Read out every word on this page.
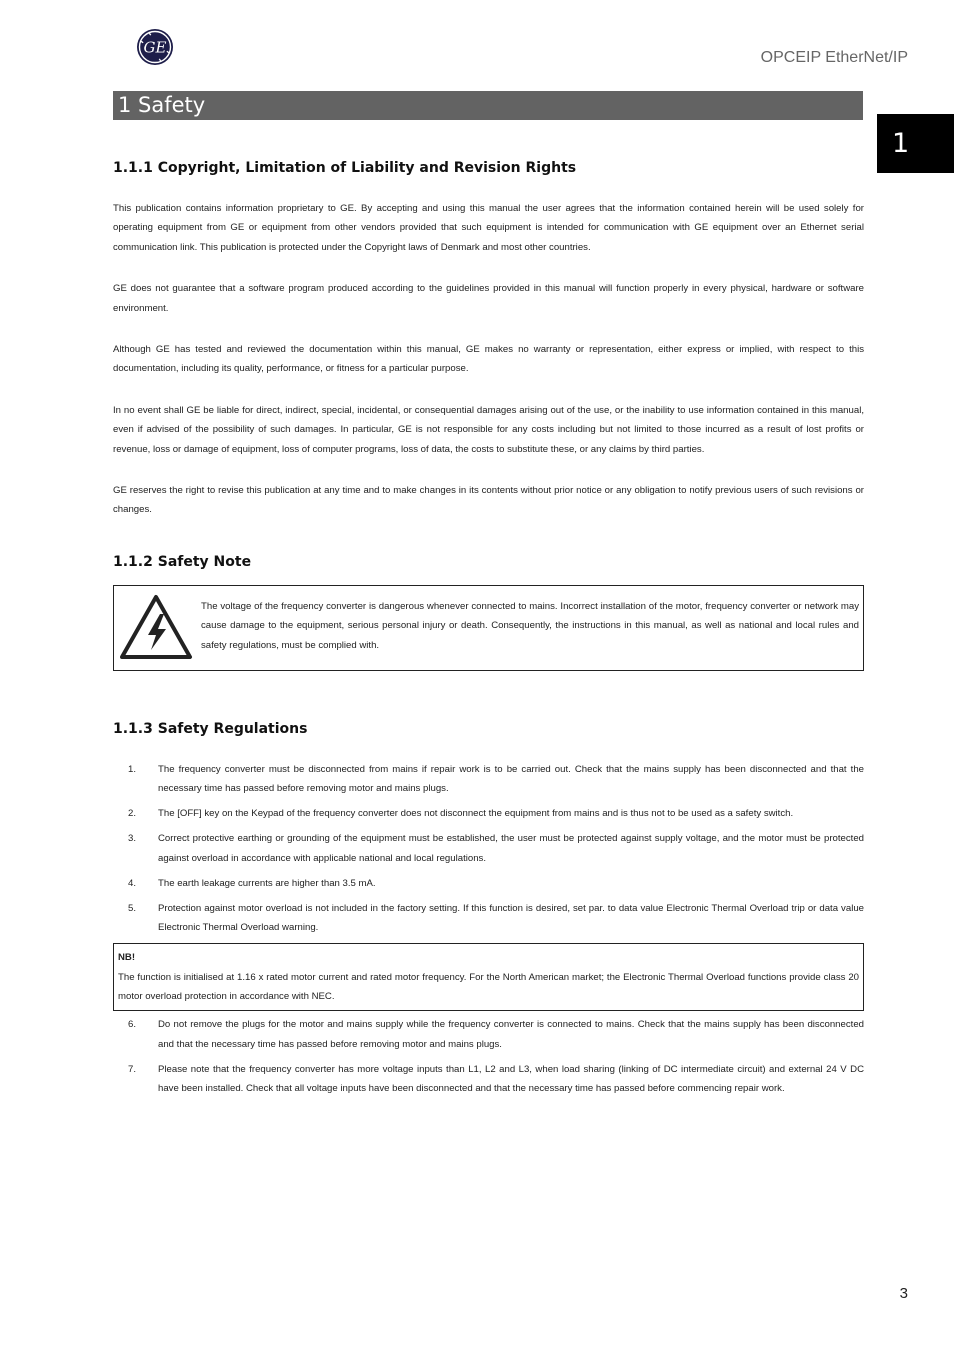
GE
OPCEIP EtherNet/IP
1 Safety
1
1.1.1 Copyright, Limitation of Liability and Revision Rights

This publication contains information proprietary to GE. By accepting and using this manual the user agrees that the information contained herein will be used solely for operating equipment from GE or equipment from other vendors provided that such equipment is intended for communication with GE equipment over an Ethernet serial communication link. This publication is protected under the Copyright laws of Denmark and most other countries.

GE does not guarantee that a software program produced according to the guidelines provided in this manual will function properly in every physical, hardware or software environment.

Although GE has tested and reviewed the documentation within this manual, GE makes no warranty or representation, either express or implied, with respect to this documentation, including its quality, performance, or fitness for a particular purpose.

In no event shall GE be liable for direct, indirect, special, incidental, or consequential damages arising out of the use, or the inability to use information contained in this manual, even if advised of the possibility of such damages. In particular, GE is not responsible for any costs including but not limited to those incurred as a result of lost profits or revenue, loss or damage of equipment, loss of computer programs, loss of data, the costs to substitute these, or any claims by third parties.

GE reserves the right to revise this publication at any time and to make changes in its contents without prior notice or any obligation to notify previous users of such revisions or changes.

1.1.2 Safety Note

The voltage of the frequency converter is dangerous whenever connected to mains. Incorrect installation of the motor, frequency converter or network may cause damage to the equipment, serious personal injury or death. Consequently, the instructions in this manual, as well as national and local rules and safety regulations, must be complied with.

1.1.3 Safety Regulations
1.	The frequency converter must be disconnected from mains if repair work is to be carried out. Check that the mains supply has been disconnected and that the necessary time has passed before removing motor and mains plugs.
2.	The [OFF] key on the Keypad of the frequency converter does not disconnect the equipment from mains and is thus not to be used as a safety switch.
3.	Correct protective earthing or grounding of the equipment must be established, the user must be protected against supply voltage, and the motor must be protected against overload in accordance with applicable national and local regulations.
4.	The earth leakage currents are higher than 3.5 mA.
5.	Protection against motor overload is not included in the factory setting. If this function is desired, set par. to data value Electronic Thermal Overload trip or data value Electronic Thermal Overload warning.
NB!

The function is initialised at 1.16 x rated motor current and rated motor frequency. For the North American market; the Electronic Thermal Overload functions provide class 20 motor overload protection in accordance with NEC.

6.	Do not remove the plugs for the motor and mains supply while the frequency converter is connected to mains. Check that the mains supply has been disconnected and that the necessary time has passed before removing motor and mains plugs.
7.	Please note that the frequency converter has more voltage inputs than L1, L2 and L3, when load sharing (linking of DC intermediate circuit) and external 24 V DC have been installed. Check that all voltage inputs have been disconnected and that the necessary time has passed before commencing repair work.
3
